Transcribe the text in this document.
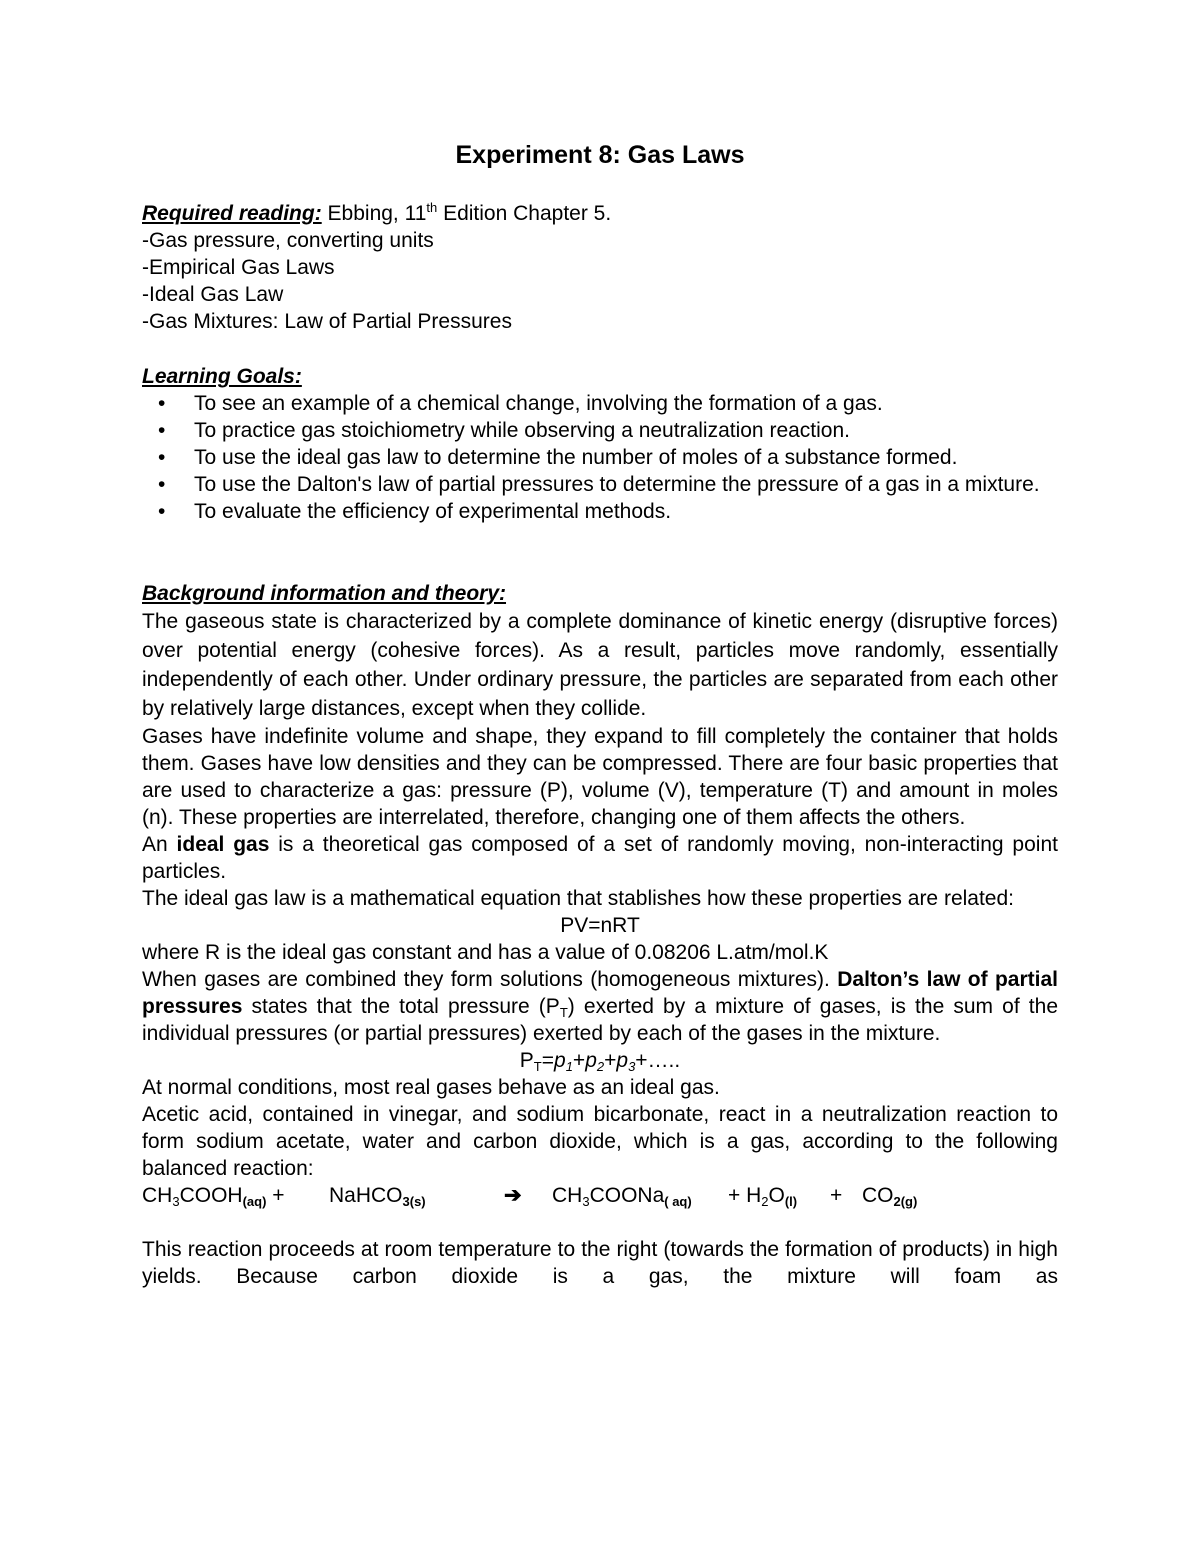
Experiment 8: Gas Laws
Required reading: Ebbing, 11th Edition Chapter 5.
-Gas pressure, converting units
-Empirical Gas Laws
-Ideal Gas Law
-Gas Mixtures: Law of Partial Pressures
Learning Goals:
• To see an example of a chemical change, involving the formation of a gas.
• To practice gas stoichiometry while observing a neutralization reaction.
• To use the ideal gas law to determine the number of moles of a substance formed.
• To use the Dalton's law of partial pressures to determine the pressure of a gas in a mixture.
• To evaluate the efficiency of experimental methods.
Background information and theory:
The gaseous state is characterized by a complete dominance of kinetic energy (disruptive forces) over potential energy (cohesive forces). As a result, particles move randomly, essentially independently of each other. Under ordinary pressure, the particles are separated from each other by relatively large distances, except when they collide.
Gases have indefinite volume and shape, they expand to fill completely the container that holds them. Gases have low densities and they can be compressed. There are four basic properties that are used to characterize a gas: pressure (P), volume (V), temperature (T) and amount in moles (n). These properties are interrelated, therefore, changing one of them affects the others.
An ideal gas is a theoretical gas composed of a set of randomly moving, non-interacting point particles.
The ideal gas law is a mathematical equation that stablishes how these properties are related:
PV=nRT
where R is the ideal gas constant and has a value of 0.08206 L.atm/mol.K
When gases are combined they form solutions (homogeneous mixtures). Dalton’s law of partial pressures states that the total pressure $(P_T)$ exerted by a mixture of gases, is the sum of the individual pressures (or partial pressures) exerted by each of the gases in the mixture.
$P_T=p1+p2+p3+\dots$..
At normal conditions, most real gases behave as an ideal gas.
Acetic acid, contained in vinegar, and sodium bicarbonate, react in a neutralization reaction to form sodium acetate, water and carbon dioxide, which is a gas, according to the following balanced reaction:
$CH_3COOH(aq)$ + NaHCO3(s)	➔ $CH_3COONa$( $aq) + H_2O(l) + CO2(g)$
This reaction proceeds at room temperature to the right (towards the formation of products) in high yields. Because carbon dioxide is a gas, the mixture will foam as
